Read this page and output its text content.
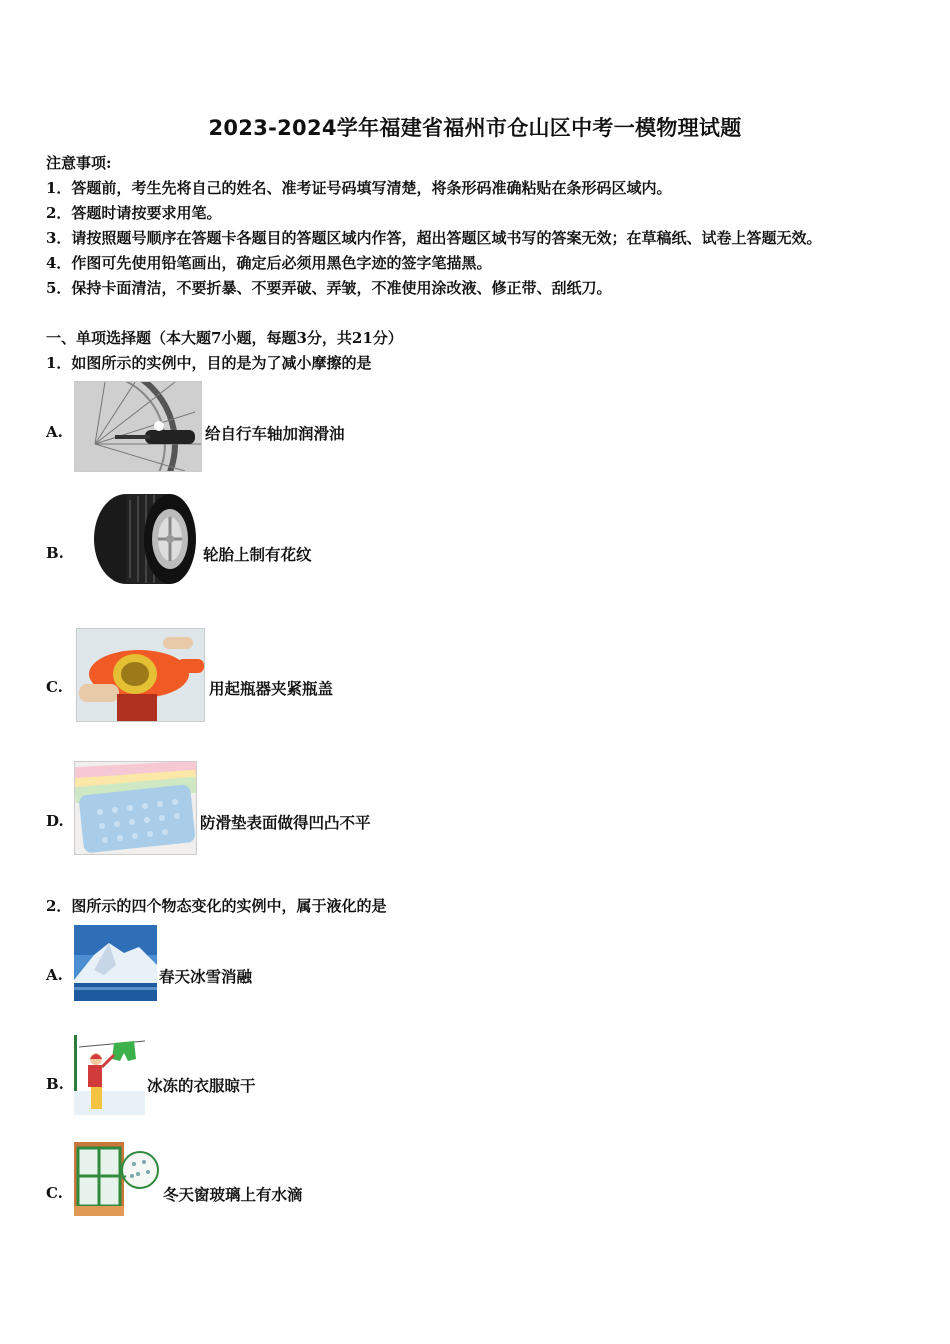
2023-2024学年福建省福州市仓山区中考一模物理试题
注意事项:
1．答题前，考生先将自己的姓名、准考证号码填写清楚，将条形码准确粘贴在条形码区域内。
2．答题时请按要求用笔。
3．请按照题号顺序在答题卡各题目的答题区域内作答，超出答题区域书写的答案无效；在草稿纸、试卷上答题无效。
4．作图可先使用铅笔画出，确定后必须用黑色字迹的签字笔描黑。
5．保持卡面清洁，不要折暴、不要弄破、弄皱，不准使用涂改液、修正带、刮纸刀。
一、单项选择题（本大题7小题，每题3分，共21分）
1．如图所示的实例中，目的是为了减小摩擦的是
A.	给自行车轴加润滑油
B.	轮胎上制有花纹
C.	用起瓶器夹紧瓶盖
D.	防滑垫表面做得凹凸不平
2．图所示的四个物态变化的实例中，属于液化的是
A.	春天冰雪消融
B.	冰冻的衣服晾干
C.	冬天窗玻璃上有水滴
